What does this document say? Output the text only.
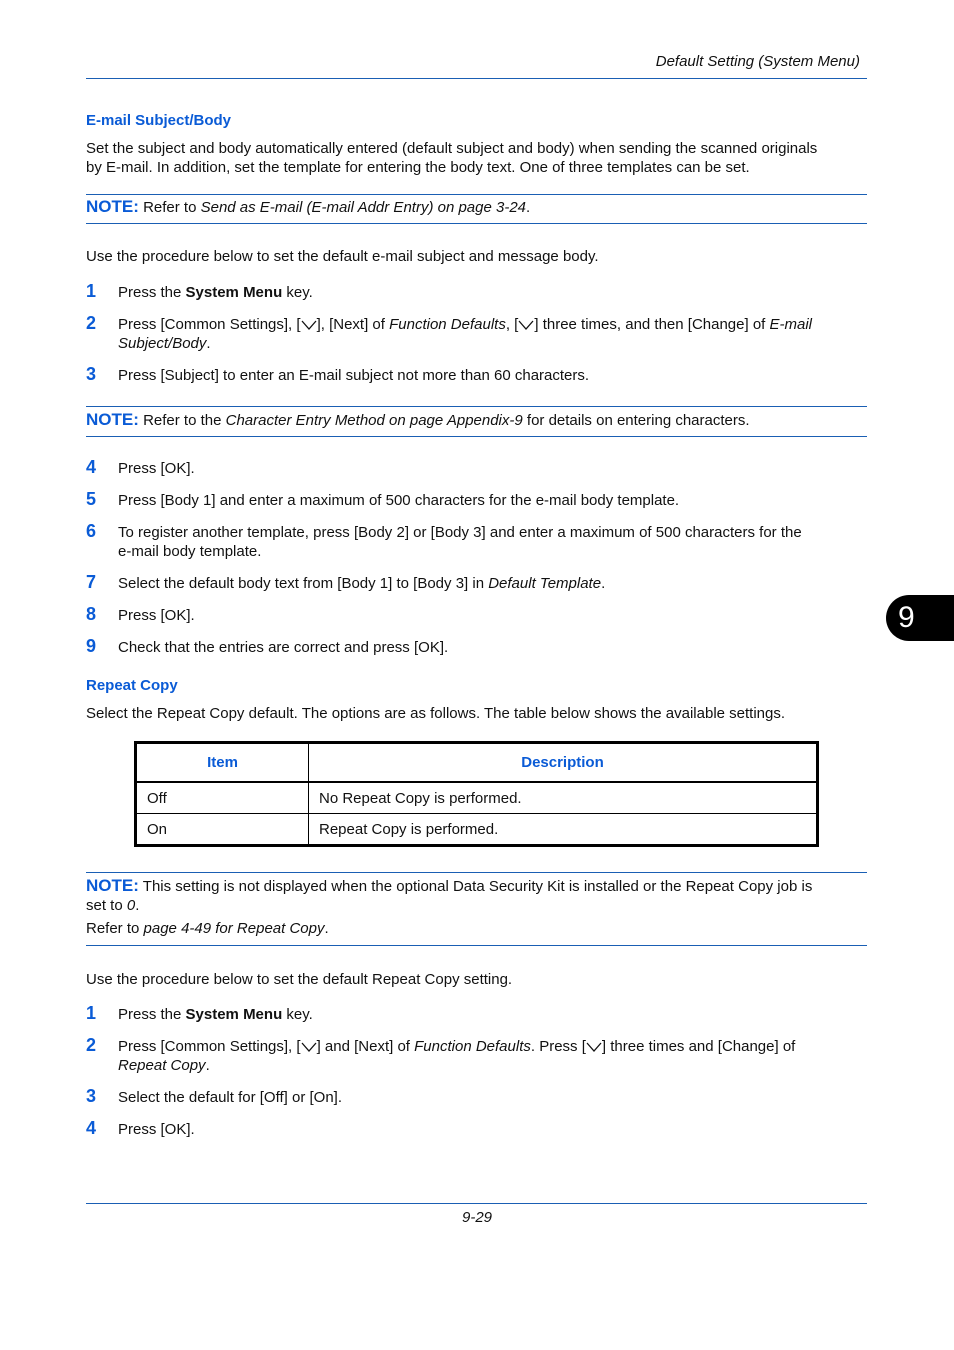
Default Setting (System Menu)
E-mail Subject/Body
Set the subject and body automatically entered (default subject and body) when sending the scanned originals
by E-mail. In addition, set the template for entering the body text. One of three templates can be set.
NOTE: Refer to Send as E-mail (E-mail Addr Entry) on page 3-24.
Use the procedure below to set the default e-mail subject and message body.
1	Press the System Menu key.
2	Press [Common Settings], [ ], [Next] of Function Defaults, [ ] three times, and then [Change] of E-mail
Subject/Body.
3	Press [Subject] to enter an E-mail subject not more than 60 characters.
NOTE: Refer to the Character Entry Method on page Appendix-9 for details on entering characters.
4	Press [OK].
5	Press [Body 1] and enter a maximum of 500 characters for the e-mail body template.
6	To register another template, press [Body 2] or [Body 3] and enter a maximum of 500 characters for the
e-mail body template.
7	Select the default body text from [Body 1] to [Body 3] in Default Template.
8	Press [OK].
9	Check that the entries are correct and press [OK].
9
Repeat Copy
Select the Repeat Copy default. The options are as follows. The table below shows the available settings.
Item	Description
Off	No Repeat Copy is performed.
On	Repeat Copy is performed.
NOTE: This setting is not displayed when the optional Data Security Kit is installed or the Repeat Copy job is
set to 0.
Refer to page 4-49 for Repeat Copy.
Use the procedure below to set the default Repeat Copy setting.
1	Press the System Menu key.
2	Press [Common Settings], [ ] and [Next] of Function Defaults. Press [ ] three times and [Change] of
Repeat Copy.
3	Select the default for [Off] or [On].
4	Press [OK].
9-29
